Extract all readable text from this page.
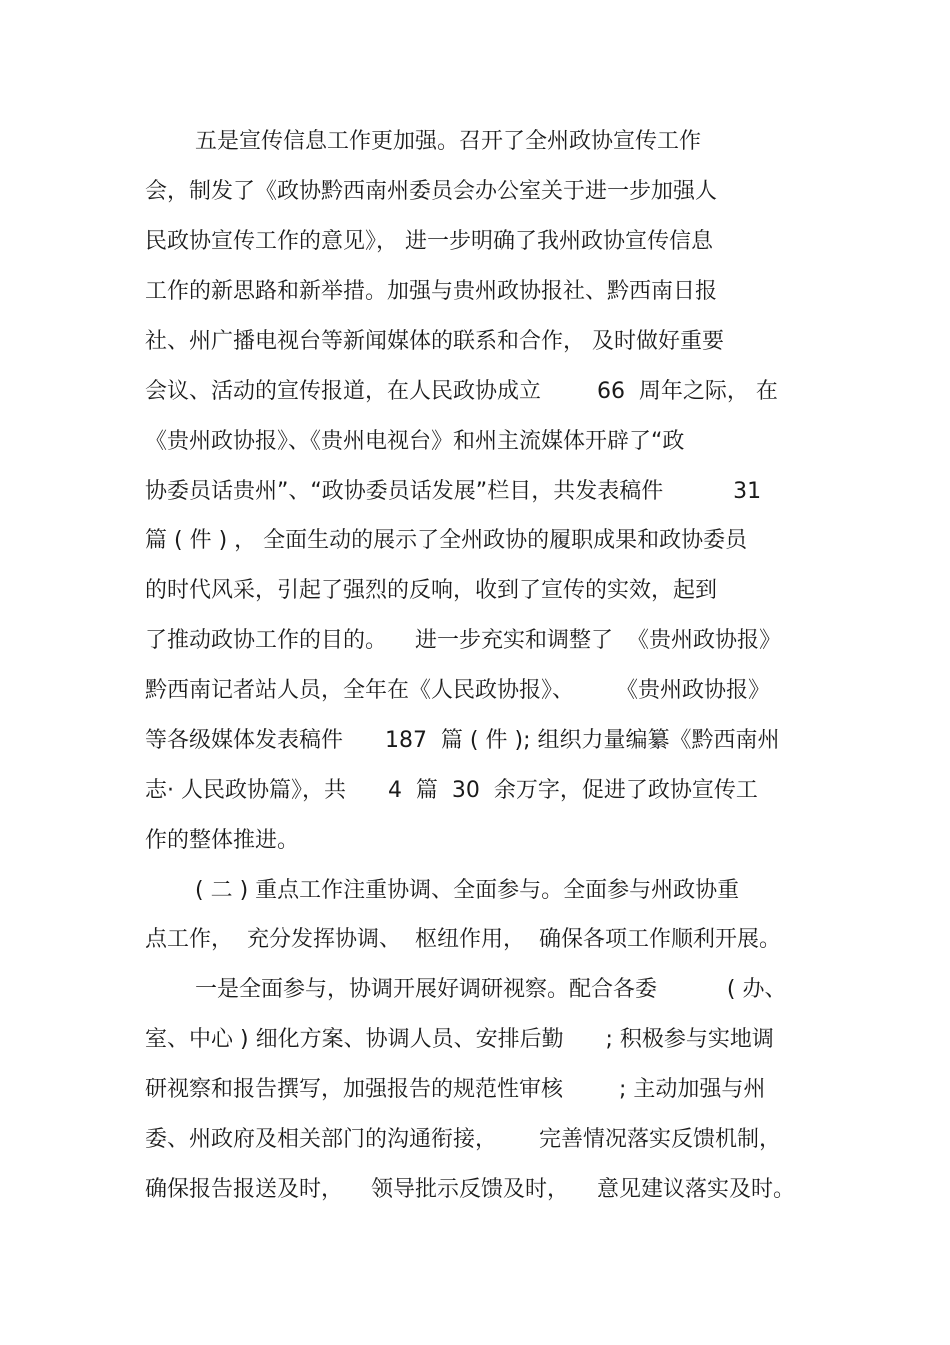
五是宣传信息工作更加强。召开了全州政协宣传工作

会，制发了《政协黔西南州委员会办公室关于进一步加强人

民政协宣传工作的意见》， 进一步明确了我州政协宣传信息

工作的新思路和新举措。加强与贵州政协报社、黔西南日报

社、州广播电视台等新闻媒体的联系和合作， 及时做好重要

会议、活动的宣传报道，在人民政协成立        66  周年之际， 在

《贵州政协报》、《贵州电视台》和州主流媒体开辟了“政

协委员话贵州”、“政协委员话发展”栏目，共发表稿件          31

篇 ( 件 ) ， 全面生动的展示了全州政协的履职成果和政协委员

的时代风采，引起了强烈的反响，收到了宣传的实效，起到

了推动政协工作的目的。    进一步充实和调整了  《贵州政协报》

黔西南记者站人员，全年在《人民政协报》、      《贵州政协报》

等各级媒体发表稿件      187  篇 ( 件 ); 组织力量编纂《黔西南州

志· 人民政协篇》，共      4  篇  30  余万字，促进了政协宣传工

作的整体推进。

( 二 ) 重点工作注重协调、全面参与。全面参与州政协重

点工作，  充分发挥协调、  枢纽作用，  确保各项工作顺利开展。

一是全面参与，协调开展好调研视察。配合各委          ( 办、

室、中心 ) 细化方案、协调人员、安排后勤      ; 积极参与实地调

研视察和报告撰写，加强报告的规范性审核        ; 主动加强与州

委、州政府及相关部门的沟通衔接，      完善情况落实反馈机制，

确保报告报送及时，    领导批示反馈及时，    意见建议落实及时。
